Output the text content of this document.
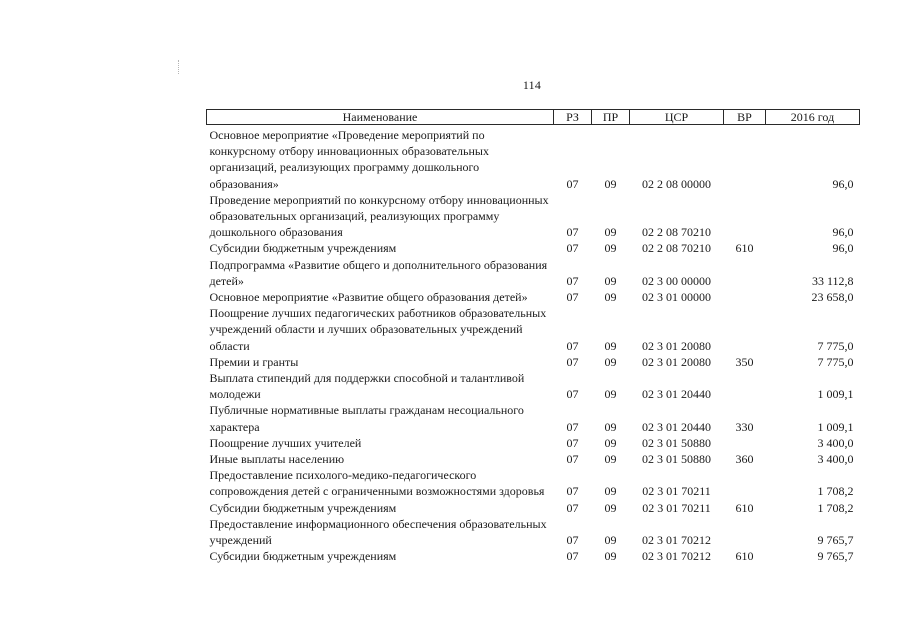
114
Наименование	РЗ	ПР	ЦСР	ВР	2016 год
Основное мероприятие «Проведение мероприятий по конкурсному отбору инновационных образовательных организаций, реализующих программу дошкольного образования»	07	09	02 2 08 00000		96,0
Проведение мероприятий по конкурсному отбору инновационных образовательных организаций, реализующих программу дошкольного образования	07	09	02 2 08 70210		96,0
Субсидии бюджетным учреждениям	07	09	02 2 08 70210	610	96,0
Подпрограмма «Развитие общего и дополнительного образования детей»	07	09	02 3 00 00000		33 112,8
Основное мероприятие «Развитие общего образования детей»	07	09	02 3 01 00000		23 658,0
Поощрение лучших педагогических работников образовательных учреждений области и лучших образовательных учреждений области	07	09	02 3 01 20080		7 775,0
Премии и гранты	07	09	02 3 01 20080	350	7 775,0
Выплата стипендий для поддержки способной и талантливой молодежи	07	09	02 3 01 20440		1 009,1
Публичные нормативные выплаты гражданам несоциального характера	07	09	02 3 01 20440	330	1 009,1
Поощрение лучших учителей	07	09	02 3 01 50880		3 400,0
Иные выплаты населению	07	09	02 3 01 50880	360	3 400,0
Предоставление психолого-медико-педагогического сопровождения детей с ограниченными возможностями здоровья	07	09	02 3 01 70211		1 708,2
Субсидии бюджетным учреждениям	07	09	02 3 01 70211	610	1 708,2
Предоставление информационного обеспечения образовательных учреждений	07	09	02 3 01 70212		9 765,7
Субсидии бюджетным учреждениям	07	09	02 3 01 70212	610	9 765,7
